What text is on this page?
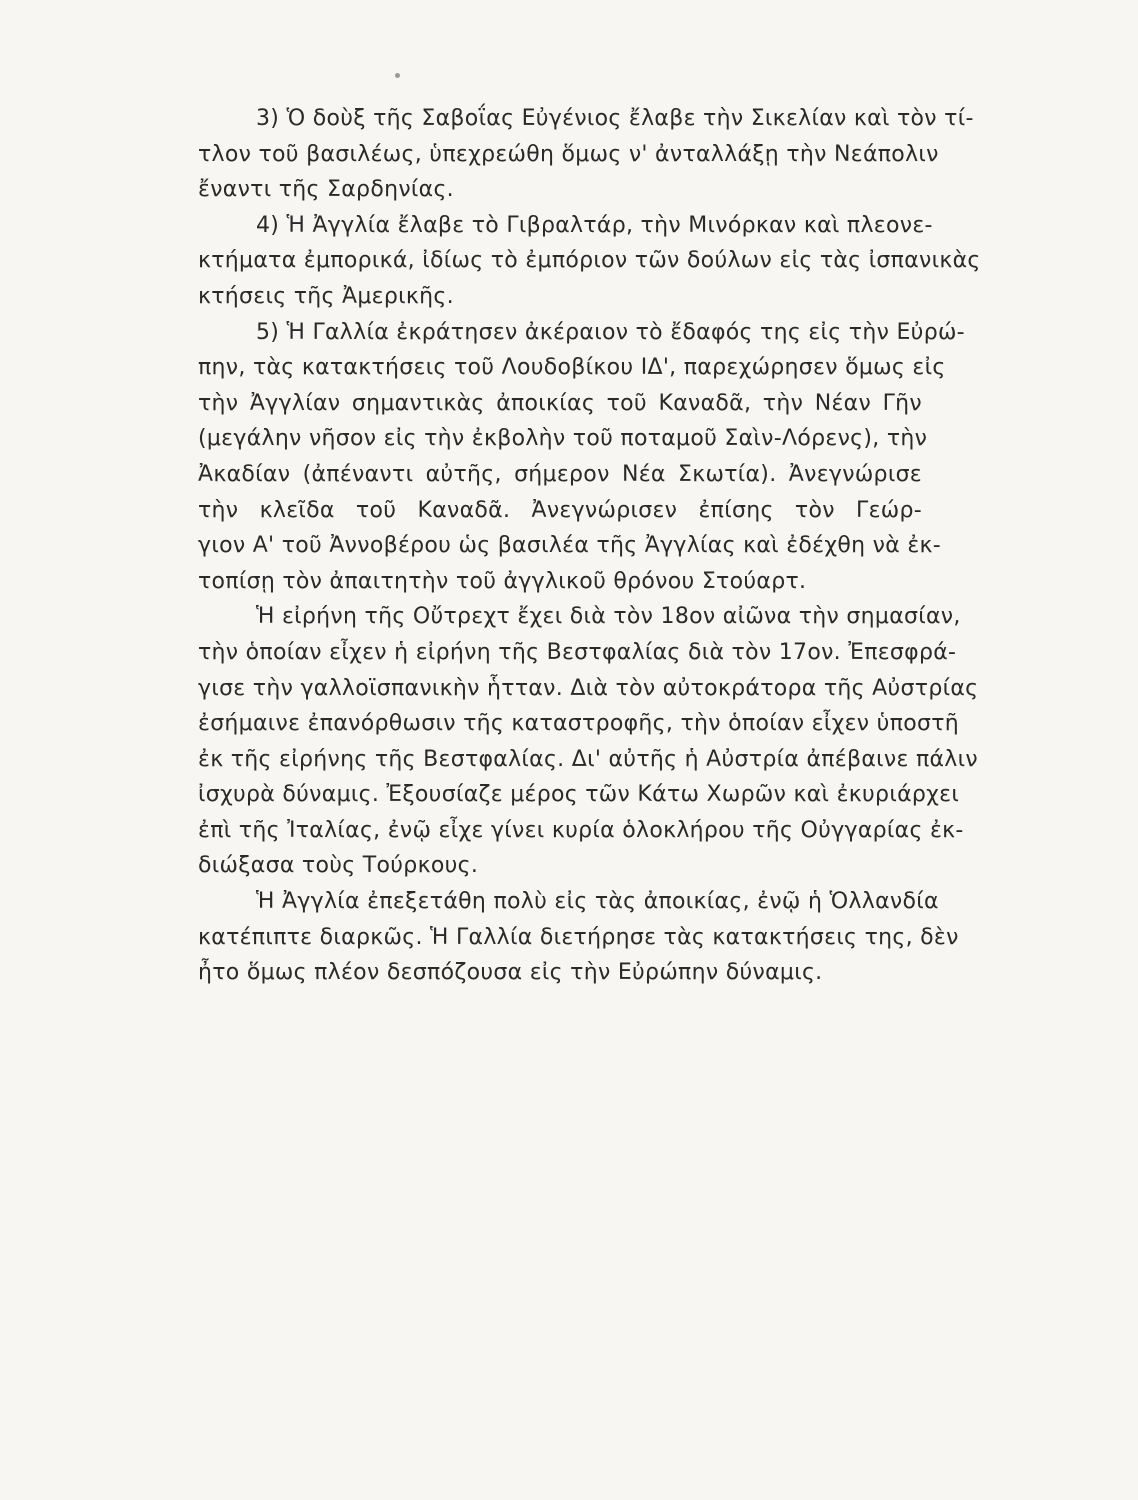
3) Ὁ δοὺξ τῆς Σαβοΐας Εὐγένιος ἔλαβε τὴν Σικελίαν καὶ τὸν τί-
τλον τοῦ βασιλέως, ὑπεχρεώθη ὅμως ν' ἀνταλλάξῃ τὴν Νεάπολιν
ἔναντι τῆς Σαρδηνίας.
4) Ἡ Ἀγγλία ἔλαβε τὸ Γιβραλτάρ, τὴν Μινόρκαν καὶ πλεονε-
κτήματα ἐμπορικά, ἰδίως τὸ ἐμπόριον τῶν δούλων εἰς τὰς ἰσπανικὰς
κτήσεις τῆς Ἀμερικῆς.
5) Ἡ Γαλλία ἐκράτησεν ἀκέραιον τὸ ἔδαφός της εἰς τὴν Εὐρώ-
πην, τὰς κατακτήσεις τοῦ Λουδοβίκου ΙΔ', παρεχώρησεν ὅμως εἰς
τὴν Ἀγγλίαν σημαντικὰς ἀποικίας τοῦ Καναδᾶ, τὴν Νέαν Γῆν
(μεγάλην νῆσον εἰς τὴν ἐκβολὴν τοῦ ποταμοῦ Σαὶν-Λόρενς), τὴν
Ἀκαδίαν (ἀπέναντι αὐτῆς, σήμερον Νέα Σκωτία). Ἀνεγνώρισε
τὴν κλεῖδα τοῦ Καναδᾶ. Ἀνεγνώρισεν ἐπίσης τὸν Γεώρ-
γιον Α' τοῦ Ἀννοβέρου ὡς βασιλέα τῆς Ἀγγλίας καὶ ἐδέχθη νὰ ἐκ-
τοπίσῃ τὸν ἀπαιτητὴν τοῦ ἀγγλικοῦ θρόνου Στούαρτ.
Ἡ εἰρήνη τῆς Οὔτρεχτ ἔχει διὰ τὸν 18ον αἰῶνα τὴν σημασίαν,
τὴν ὁποίαν εἶχεν ἡ εἰρήνη τῆς Βεστφαλίας διὰ τὸν 17ον. Ἐπεσφρά-
γισε τὴν γαλλοϊσπανικὴν ἧτταν. Διὰ τὸν αὐτοκράτορα τῆς Αὐστρίας
ἐσήμαινε ἐπανόρθωσιν τῆς καταστροφῆς, τὴν ὁποίαν εἶχεν ὑποστῆ
ἐκ τῆς εἰρήνης τῆς Βεστφαλίας. Δι' αὐτῆς ἡ Αὐστρία ἀπέβαινε πάλιν
ἰσχυρὰ δύναμις. Ἐξουσίαζε μέρος τῶν Κάτω Χωρῶν καὶ ἐκυριάρχει
ἐπὶ τῆς Ἰταλίας, ἐνῷ εἶχε γίνει κυρία ὁλοκλήρου τῆς Οὐγγαρίας ἐκ-
διώξασα τοὺς Τούρκους.
Ἡ Ἀγγλία ἐπεξετάθη πολὺ εἰς τὰς ἀποικίας, ἐνῷ ἡ Ὁλλανδία
κατέπιπτε διαρκῶς. Ἡ Γαλλία διετήρησε τὰς κατακτήσεις της, δὲν
ἦτο ὅμως πλέον δεσπόζουσα εἰς τὴν Εὐρώπην δύναμις.
